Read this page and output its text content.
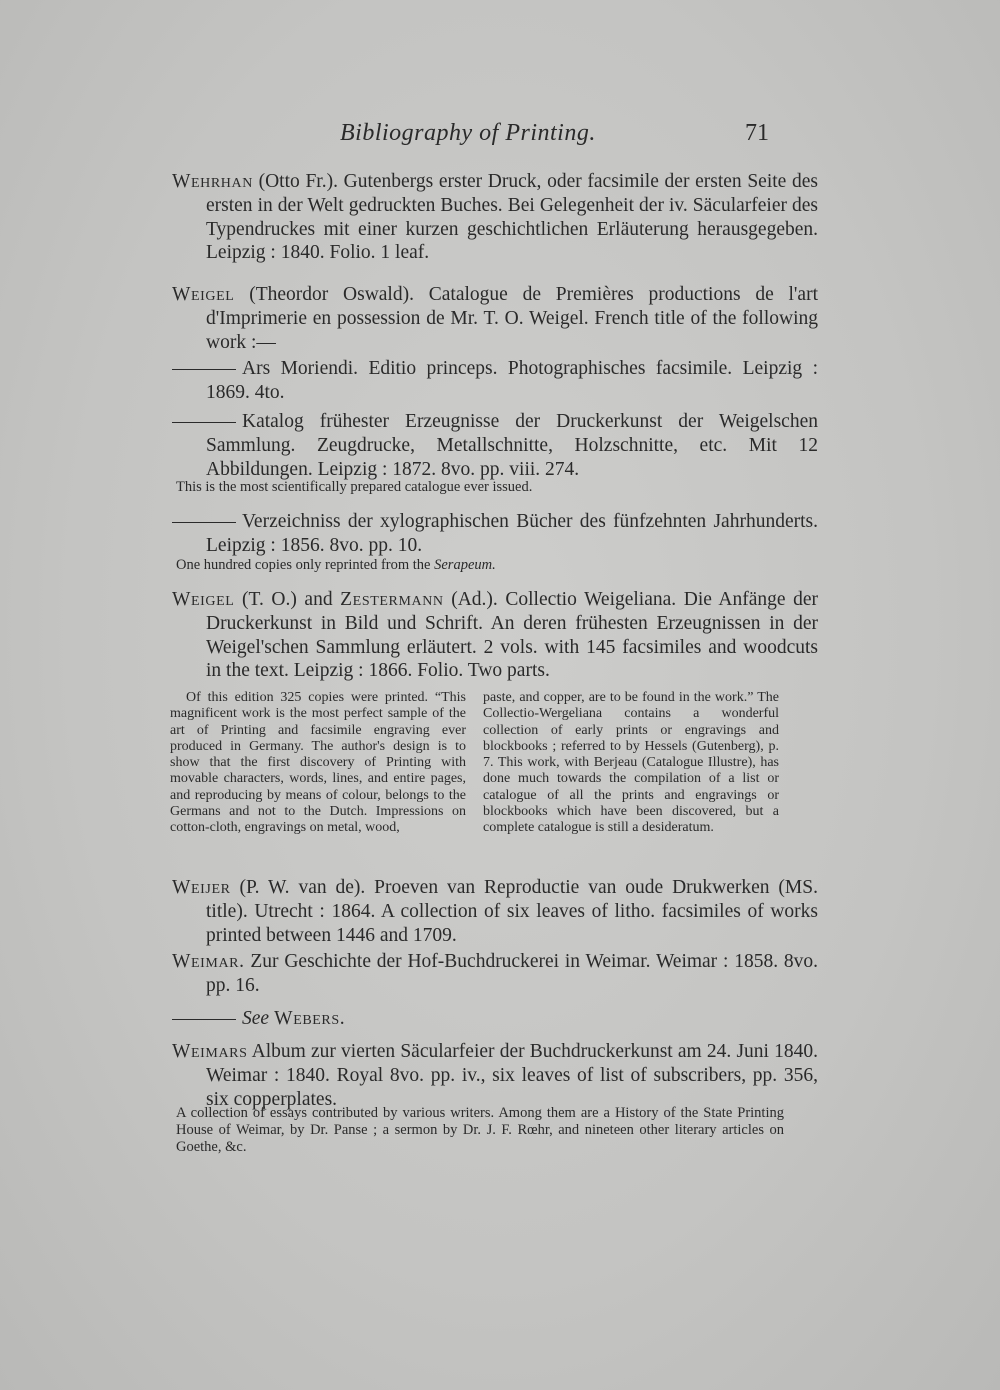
Bibliography of Printing.	71
Wehrhan (Otto Fr.). Gutenbergs erster Druck, oder facsimile der ersten Seite des ersten in der Welt gedruckten Buches. Bei Gelegenheit der iv. Säcularfeier des Typendruckes mit einer kurzen geschichtlichen Erläuterung herausgegeben. Leipzig : 1840. Folio. 1 leaf.
Weigel (Theordor Oswald). Catalogue de Premières productions de l'art d'Imprimerie en possession de Mr. T. O. Weigel. French title of the following work :—
Ars Moriendi. Editio princeps. Photographisches facsimile. Leipzig : 1869. 4to.
Katalog frühester Erzeugnisse der Druckerkunst der Weigelschen Sammlung. Zeugdrucke, Metallschnitte, Holzschnitte, etc. Mit 12 Abbildungen. Leipzig : 1872. 8vo. pp. viii. 274.
This is the most scientifically prepared catalogue ever issued.
Verzeichniss der xylographischen Bücher des fünfzehnten Jahrhunderts. Leipzig : 1856. 8vo. pp. 10.
One hundred copies only reprinted from the Serapeum.
Weigel (T. O.) and Zestermann (Ad.). Collectio Weigeliana. Die Anfänge der Druckerkunst in Bild und Schrift. An deren frühesten Erzeugnissen in der Weigel'schen Sammlung erläutert. 2 vols. with 145 facsimiles and woodcuts in the text. Leipzig : 1866. Folio. Two parts.
Of this edition 325 copies were printed. “This magnificent work is the most perfect sample of the art of Printing and facsimile engraving ever produced in Germany. The author's design is to show that the first discovery of Printing with movable characters, words, lines, and entire pages, and reproducing by means of colour, belongs to the Germans and not to the Dutch. Impressions on cotton-cloth, engravings on metal, wood,
paste, and copper, are to be found in the work.” The Collectio-Wergeliana contains a wonderful collection of early prints or engravings and blockbooks ; referred to by Hessels (Gutenberg), p. 7. This work, with Berjeau (Catalogue Illustre), has done much towards the compilation of a list or catalogue of all the prints and engravings or blockbooks which have been discovered, but a complete catalogue is still a desideratum.
Weijer (P. W. van de). Proeven van Reproductie van oude Drukwerken (MS. title). Utrecht : 1864. A collection of six leaves of litho. facsimiles of works printed between 1446 and 1709.
Weimar. Zur Geschichte der Hof-Buchdruckerei in Weimar. Weimar : 1858. 8vo. pp. 16.
See Webers.
Weimars Album zur vierten Säcularfeier der Buchdruckerkunst am 24. Juni 1840. Weimar : 1840. Royal 8vo. pp. iv., six leaves of list of subscribers, pp. 356, six copperplates.
A collection of essays contributed by various writers. Among them are a History of the State Printing House of Weimar, by Dr. Panse ; a sermon by Dr. J. F. Rœhr, and nineteen other literary articles on Goethe, &c.
